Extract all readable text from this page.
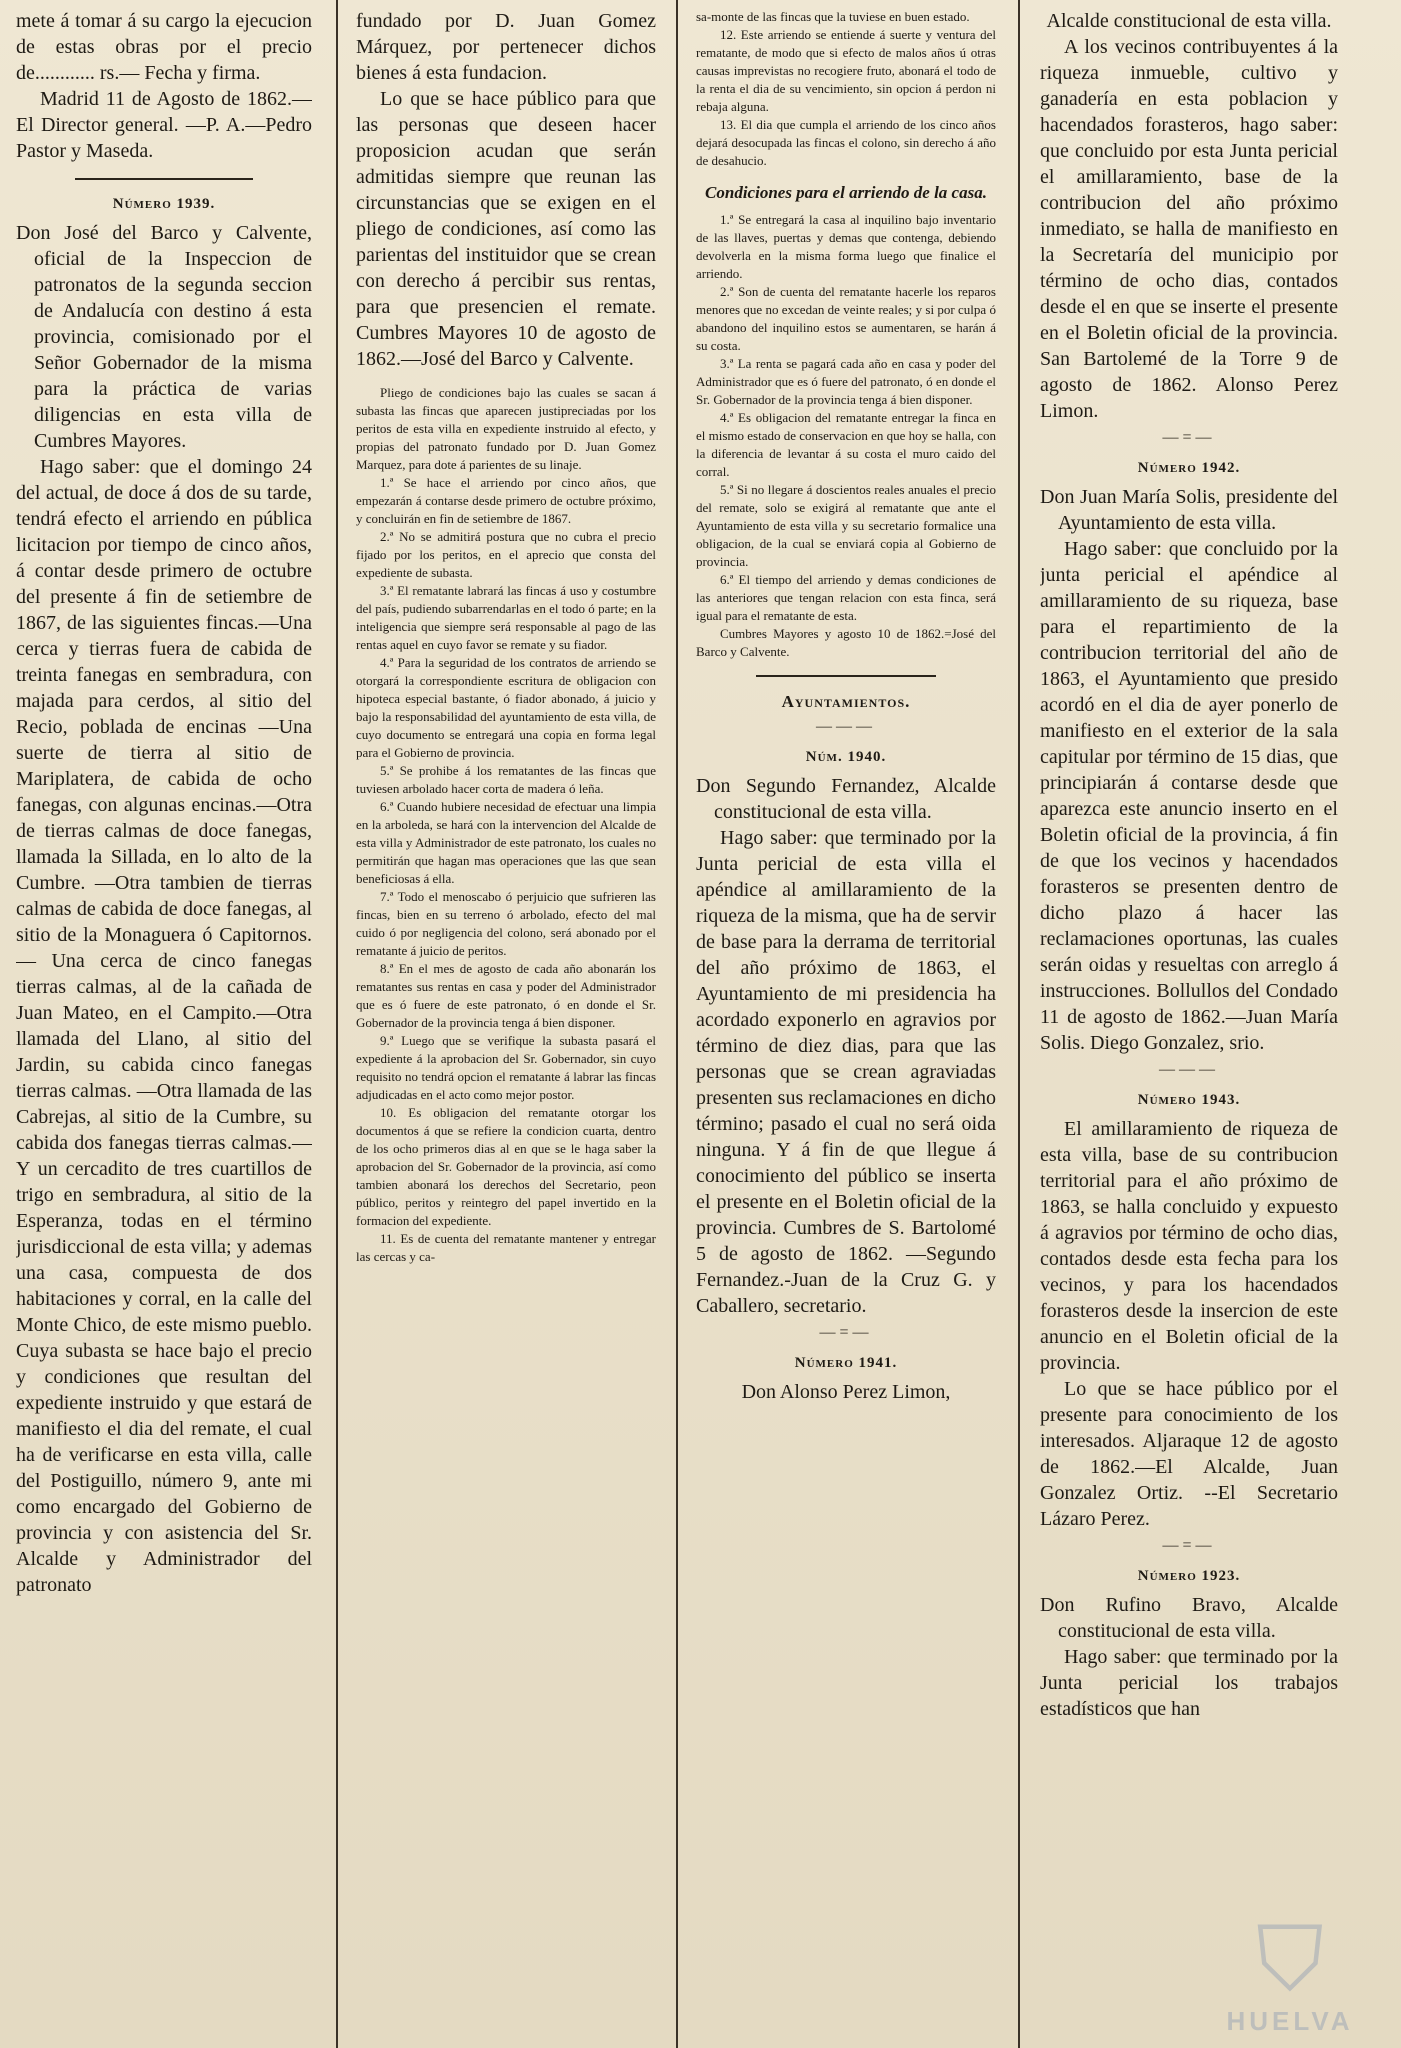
mete á tomar á su cargo la ejecucion de estas obras por el precio de............ rs.— Fecha y firma.

Madrid 11 de Agosto de 1862.—El Director general. —P. A.—Pedro Pastor y Maseda.

Número 1939.

Don José del Barco y Calvente, oficial de la Inspeccion de patronatos de la segunda seccion de Andalucía con destino á esta provincia, comisionado por el Señor Gobernador de la misma para la práctica de varias diligencias en esta villa de Cumbres Mayores.

Hago saber: que el domingo 24 del actual, de doce á dos de su tarde, tendrá efecto el arriendo en pública licitacion por tiempo de cinco años, á contar desde primero de octubre del presente á fin de setiembre de 1867, de las siguientes fincas.—Una cerca y tierras fuera de cabida de treinta fanegas en sembradura, con majada para cerdos, al sitio del Recio, poblada de encinas —Una suerte de tierra al sitio de Mariplatera, de cabida de ocho fanegas, con algunas encinas.—Otra de tierras calmas de doce fanegas, llamada la Sillada, en lo alto de la Cumbre. —Otra tambien de tierras calmas de cabida de doce fanegas, al sitio de la Monaguera ó Capitornos.— Una cerca de cinco fanegas tierras calmas, al de la cañada de Juan Mateo, en el Campito.—Otra llamada del Llano, al sitio del Jardin, su cabida cinco fanegas tierras calmas. —Otra llamada de las Cabrejas, al sitio de la Cumbre, su cabida dos fanegas tierras calmas.—Y un cercadito de tres cuartillos de trigo en sembradura, al sitio de la Esperanza, todas en el término jurisdiccional de esta villa; y ademas una casa, compuesta de dos habitaciones y corral, en la calle del Monte Chico, de este mismo pueblo. Cuya subasta se hace bajo el precio y condiciones que resultan del expediente instruido y que estará de manifiesto el dia del remate, el cual ha de verificarse en esta villa, calle del Postiguillo, número 9, ante mi como encargado del Gobierno de provincia y con asistencia del Sr. Alcalde y Administrador del patronato

fundado por D. Juan Gomez Márquez, por pertenecer dichos bienes á esta fundacion.

Lo que se hace público para que las personas que deseen hacer proposicion acudan que serán admitidas siempre que reunan las circunstancias que se exigen en el pliego de condiciones, así como las parientas del instituidor que se crean con derecho á percibir sus rentas, para que presencien el remate. Cumbres Mayores 10 de agosto de 1862.—José del Barco y Calvente.

Pliego de condiciones bajo las cuales se sacan á subasta las fincas que aparecen justipreciadas por los peritos de esta villa en expediente instruido al efecto, y propias del patronato fundado por D. Juan Gomez Marquez, para dote á parientes de su linaje.

1.ª Se hace el arriendo por cinco años, que empezarán á contarse desde primero de octubre próximo, y concluirán en fin de setiembre de 1867.

2.ª No se admitirá postura que no cubra el precio fijado por los peritos, en el aprecio que consta del expediente de subasta.

3.ª El rematante labrará las fincas á uso y costumbre del país, pudiendo subarrendarlas en el todo ó parte; en la inteligencia que siempre será responsable al pago de las rentas aquel en cuyo favor se remate y su fiador.

4.ª Para la seguridad de los contratos de arriendo se otorgará la correspondiente escritura de obligacion con hipoteca especial bastante, ó fiador abonado, á juicio y bajo la responsabilidad del ayuntamiento de esta villa, de cuyo documento se entregará una copia en forma legal para el Gobierno de provincia.

5.ª Se prohibe á los rematantes de las fincas que tuviesen arbolado hacer corta de madera ó leña.

6.ª Cuando hubiere necesidad de efectuar una limpia en la arboleda, se hará con la intervencion del Alcalde de esta villa y Administrador de este patronato, los cuales no permitirán que hagan mas operaciones que las que sean beneficiosas á ella.

7.ª Todo el menoscabo ó perjuicio que sufrieren las fincas, bien en su terreno ó arbolado, efecto del mal cuido ó por negligencia del colono, será abonado por el rematante á juicio de peritos.

8.ª En el mes de agosto de cada año abonarán los rematantes sus rentas en casa y poder del Administrador que es ó fuere de este patronato, ó en donde el Sr. Gobernador de la provincia tenga á bien disponer.

9.ª Luego que se verifique la subasta pasará el expediente á la aprobacion del Sr. Gobernador, sin cuyo requisito no tendrá opcion el rematante á labrar las fincas adjudicadas en el acto como mejor postor.

10. Es obligacion del rematante otorgar los documentos á que se refiere la condicion cuarta, dentro de los ocho primeros dias al en que se le haga saber la aprobacion del Sr. Gobernador de la provincia, así como tambien abonará los derechos del Secretario, peon público, peritos y reintegro del papel invertido en la formacion del expediente.

11. Es de cuenta del rematante mantener y entregar las cercas y ca-

sa-monte de las fincas que la tuviese en buen estado.

12. Este arriendo se entiende á suerte y ventura del rematante, de modo que si efecto de malos años ú otras causas imprevistas no recogiere fruto, abonará el todo de la renta el dia de su vencimiento, sin opcion á perdon ni rebaja alguna.

13. El dia que cumpla el arriendo de los cinco años dejará desocupada las fincas el colono, sin derecho á año de desahucio.

Condiciones para el arriendo de la casa.

1.ª Se entregará la casa al inquilino bajo inventario de las llaves, puertas y demas que contenga, debiendo devolverla en la misma forma luego que finalice el arriendo.

2.ª Son de cuenta del rematante hacerle los reparos menores que no excedan de veinte reales; y si por culpa ó abandono del inquilino estos se aumentaren, se harán á su costa.

3.ª La renta se pagará cada año en casa y poder del Administrador que es ó fuere del patronato, ó en donde el Sr. Gobernador de la provincia tenga á bien disponer.

4.ª Es obligacion del rematante entregar la finca en el mismo estado de conservacion en que hoy se halla, con la diferencia de levantar á su costa el muro caido del corral.

5.ª Si no llegare á doscientos reales anuales el precio del remate, solo se exigirá al rematante que ante el Ayuntamiento de esta villa y su secretario formalice una obligacion, de la cual se enviará copia al Gobierno de provincia.

6.ª El tiempo del arriendo y demas condiciones de las anteriores que tengan relacion con esta finca, será igual para el rematante de esta.

Cumbres Mayores y agosto 10 de 1862.=José del Barco y Calvente.

Ayuntamientos.
———
Núm. 1940.

Don Segundo Fernandez, Alcalde constitucional de esta villa.

Hago saber: que terminado por la Junta pericial de esta villa el apéndice al amillaramiento de la riqueza de la misma, que ha de servir de base para la derrama de territorial del año próximo de 1863, el Ayuntamiento de mi presidencia ha acordado exponerlo en agravios por término de diez dias, para que las personas que se crean agraviadas presenten sus reclamaciones en dicho término; pasado el cual no será oida ninguna. Y á fin de que llegue á conocimiento del público se inserta el presente en el Boletin oficial de la provincia. Cumbres de S. Bartolomé 5 de agosto de 1862. —Segundo Fernandez.-Juan de la Cruz G. y Caballero, secretario.

—=—
Número 1941.

Don Alonso Perez Limon,

Alcalde constitucional de esta villa.

A los vecinos contribuyentes á la riqueza inmueble, cultivo y ganadería en esta poblacion y hacendados forasteros, hago saber: que concluido por esta Junta pericial el amillaramiento, base de la contribucion del año próximo inmediato, se halla de manifiesto en la Secretaría del municipio por término de ocho dias, contados desde el en que se inserte el presente en el Boletin oficial de la provincia. San Bartolemé de la Torre 9 de agosto de 1862. Alonso Perez Limon.

—=—
Número 1942.

Don Juan María Solis, presidente del Ayuntamiento de esta villa.

Hago saber: que concluido por la junta pericial el apéndice al amillaramiento de su riqueza, base para el repartimiento de la contribucion territorial del año de 1863, el Ayuntamiento que presido acordó en el dia de ayer ponerlo de manifiesto en el exterior de la sala capitular por término de 15 dias, que principiarán á contarse desde que aparezca este anuncio inserto en el Boletin oficial de la provincia, á fin de que los vecinos y hacendados forasteros se presenten dentro de dicho plazo á hacer las reclamaciones oportunas, las cuales serán oidas y resueltas con arreglo á instrucciones. Bollullos del Condado 11 de agosto de 1862.—Juan María Solis. Diego Gonzalez, srio.

———
Número 1943.

El amillaramiento de riqueza de esta villa, base de su contribucion territorial para el año próximo de 1863, se halla concluido y expuesto á agravios por término de ocho dias, contados desde esta fecha para los vecinos, y para los hacendados forasteros desde la insercion de este anuncio en el Boletin oficial de la provincia.

Lo que se hace público por el presente para conocimiento de los interesados. Aljaraque 12 de agosto de 1862.—El Alcalde, Juan Gonzalez Ortiz. --El Secretario Lázaro Perez.

—=—
Número 1923.

Don Rufino Bravo, Alcalde constitucional de esta villa.

Hago saber: que terminado por la Junta pericial los trabajos estadísticos que han

⛉
HUELVA
